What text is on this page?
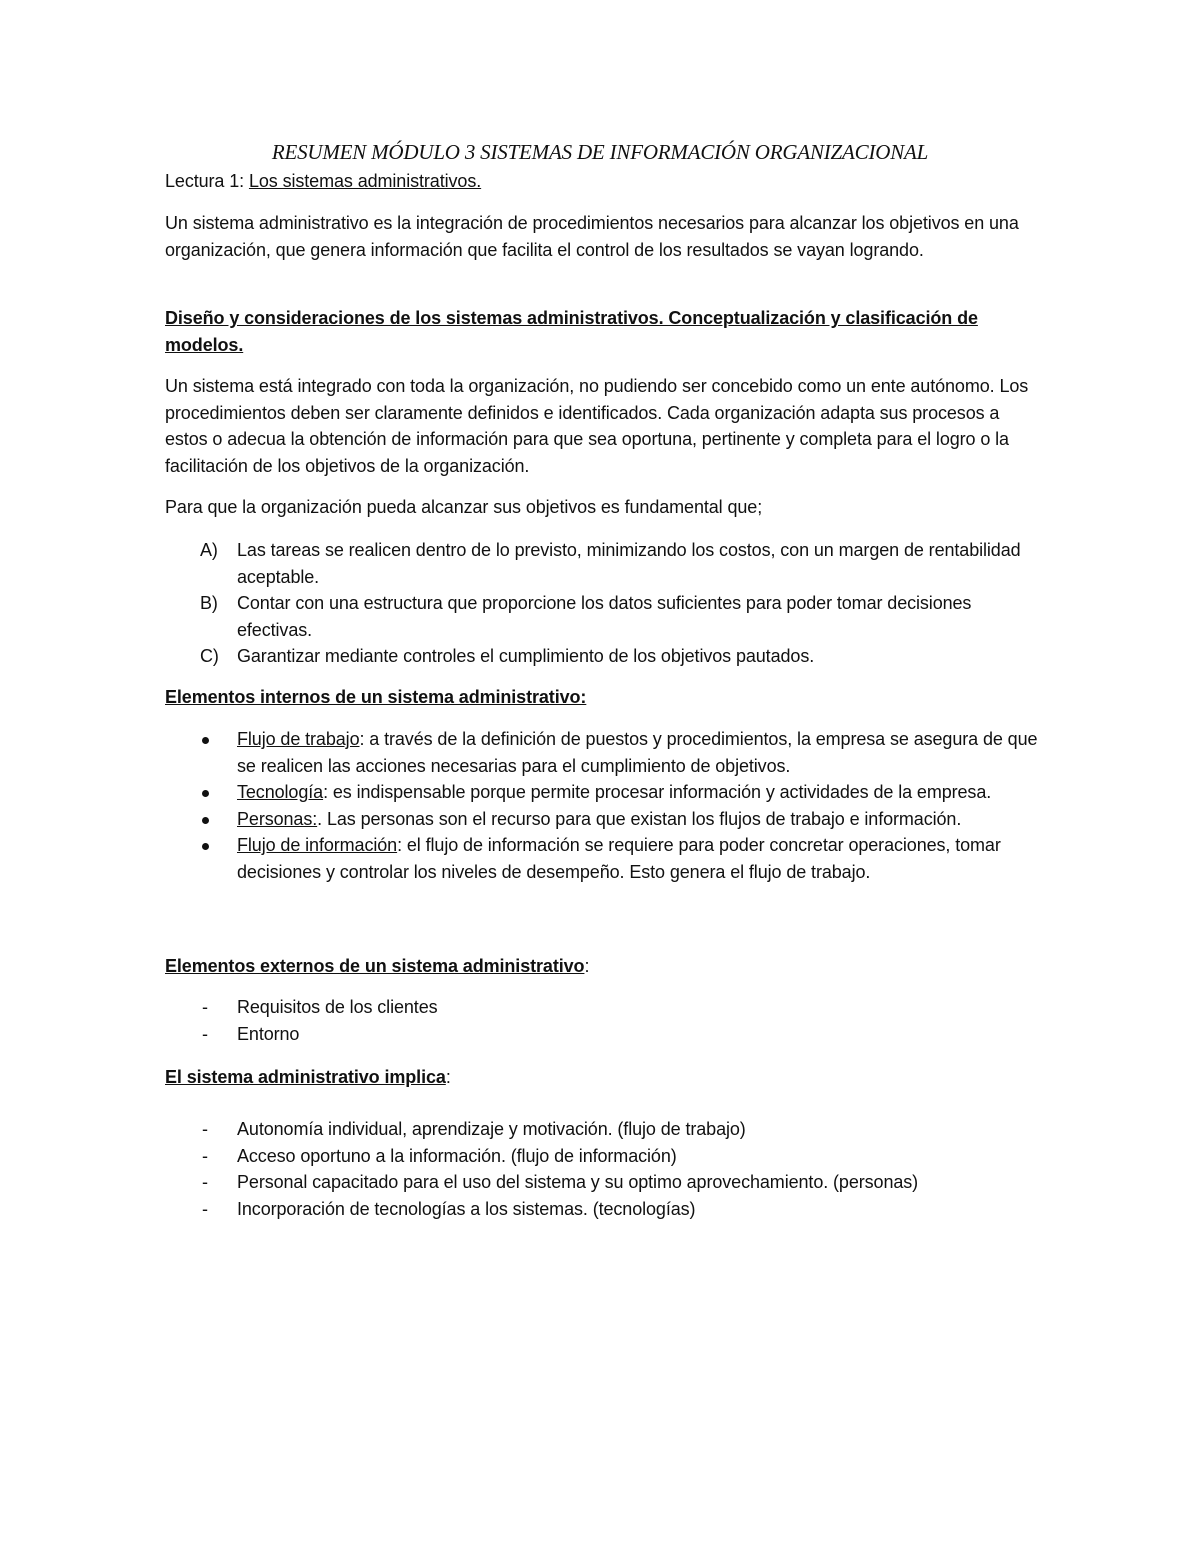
RESUMEN MÓDULO 3 SISTEMAS DE INFORMACIÓN ORGANIZACIONAL

Lectura 1: Los sistemas administrativos.

Un sistema administrativo es la integración de procedimientos necesarios para alcanzar los objetivos en una organización, que genera información que facilita el control de los resultados se vayan logrando.

Diseño y consideraciones de los sistemas administrativos. Conceptualización y clasificación de modelos.

Un sistema está integrado con toda la organización, no pudiendo ser concebido como un ente autónomo. Los procedimientos deben ser claramente definidos e identificados. Cada organización adapta sus procesos a estos o adecua la obtención de información para que sea oportuna, pertinente y completa para el logro o la facilitación de los objetivos de la organización.

Para que la organización pueda alcanzar sus objetivos es fundamental que;

A) Las tareas se realicen dentro de lo previsto, minimizando los costos, con un margen de rentabilidad aceptable.
B) Contar con una estructura que proporcione los datos suficientes para poder tomar decisiones efectivas.
C) Garantizar mediante controles el cumplimiento de los objetivos pautados.

Elementos internos de un sistema administrativo:

Flujo de trabajo: a través de la definición de puestos y procedimientos, la empresa se asegura de que se realicen las acciones necesarias para el cumplimiento de objetivos.
Tecnología: es indispensable porque permite procesar información y actividades de la empresa.
Personas:. Las personas son el recurso para que existan los flujos de trabajo e información.
Flujo de información: el flujo de información se requiere para poder concretar operaciones, tomar decisiones y controlar los niveles de desempeño. Esto genera el flujo de trabajo.

Elementos externos de un sistema administrativo:

- Requisitos de los clientes
- Entorno

El sistema administrativo implica:

- Autonomía individual, aprendizaje y motivación. (flujo de trabajo)
- Acceso oportuno a la información. (flujo de información)
- Personal capacitado para el uso del sistema y su optimo aprovechamiento. (personas)
- Incorporación de tecnologías a los sistemas. (tecnologías)
